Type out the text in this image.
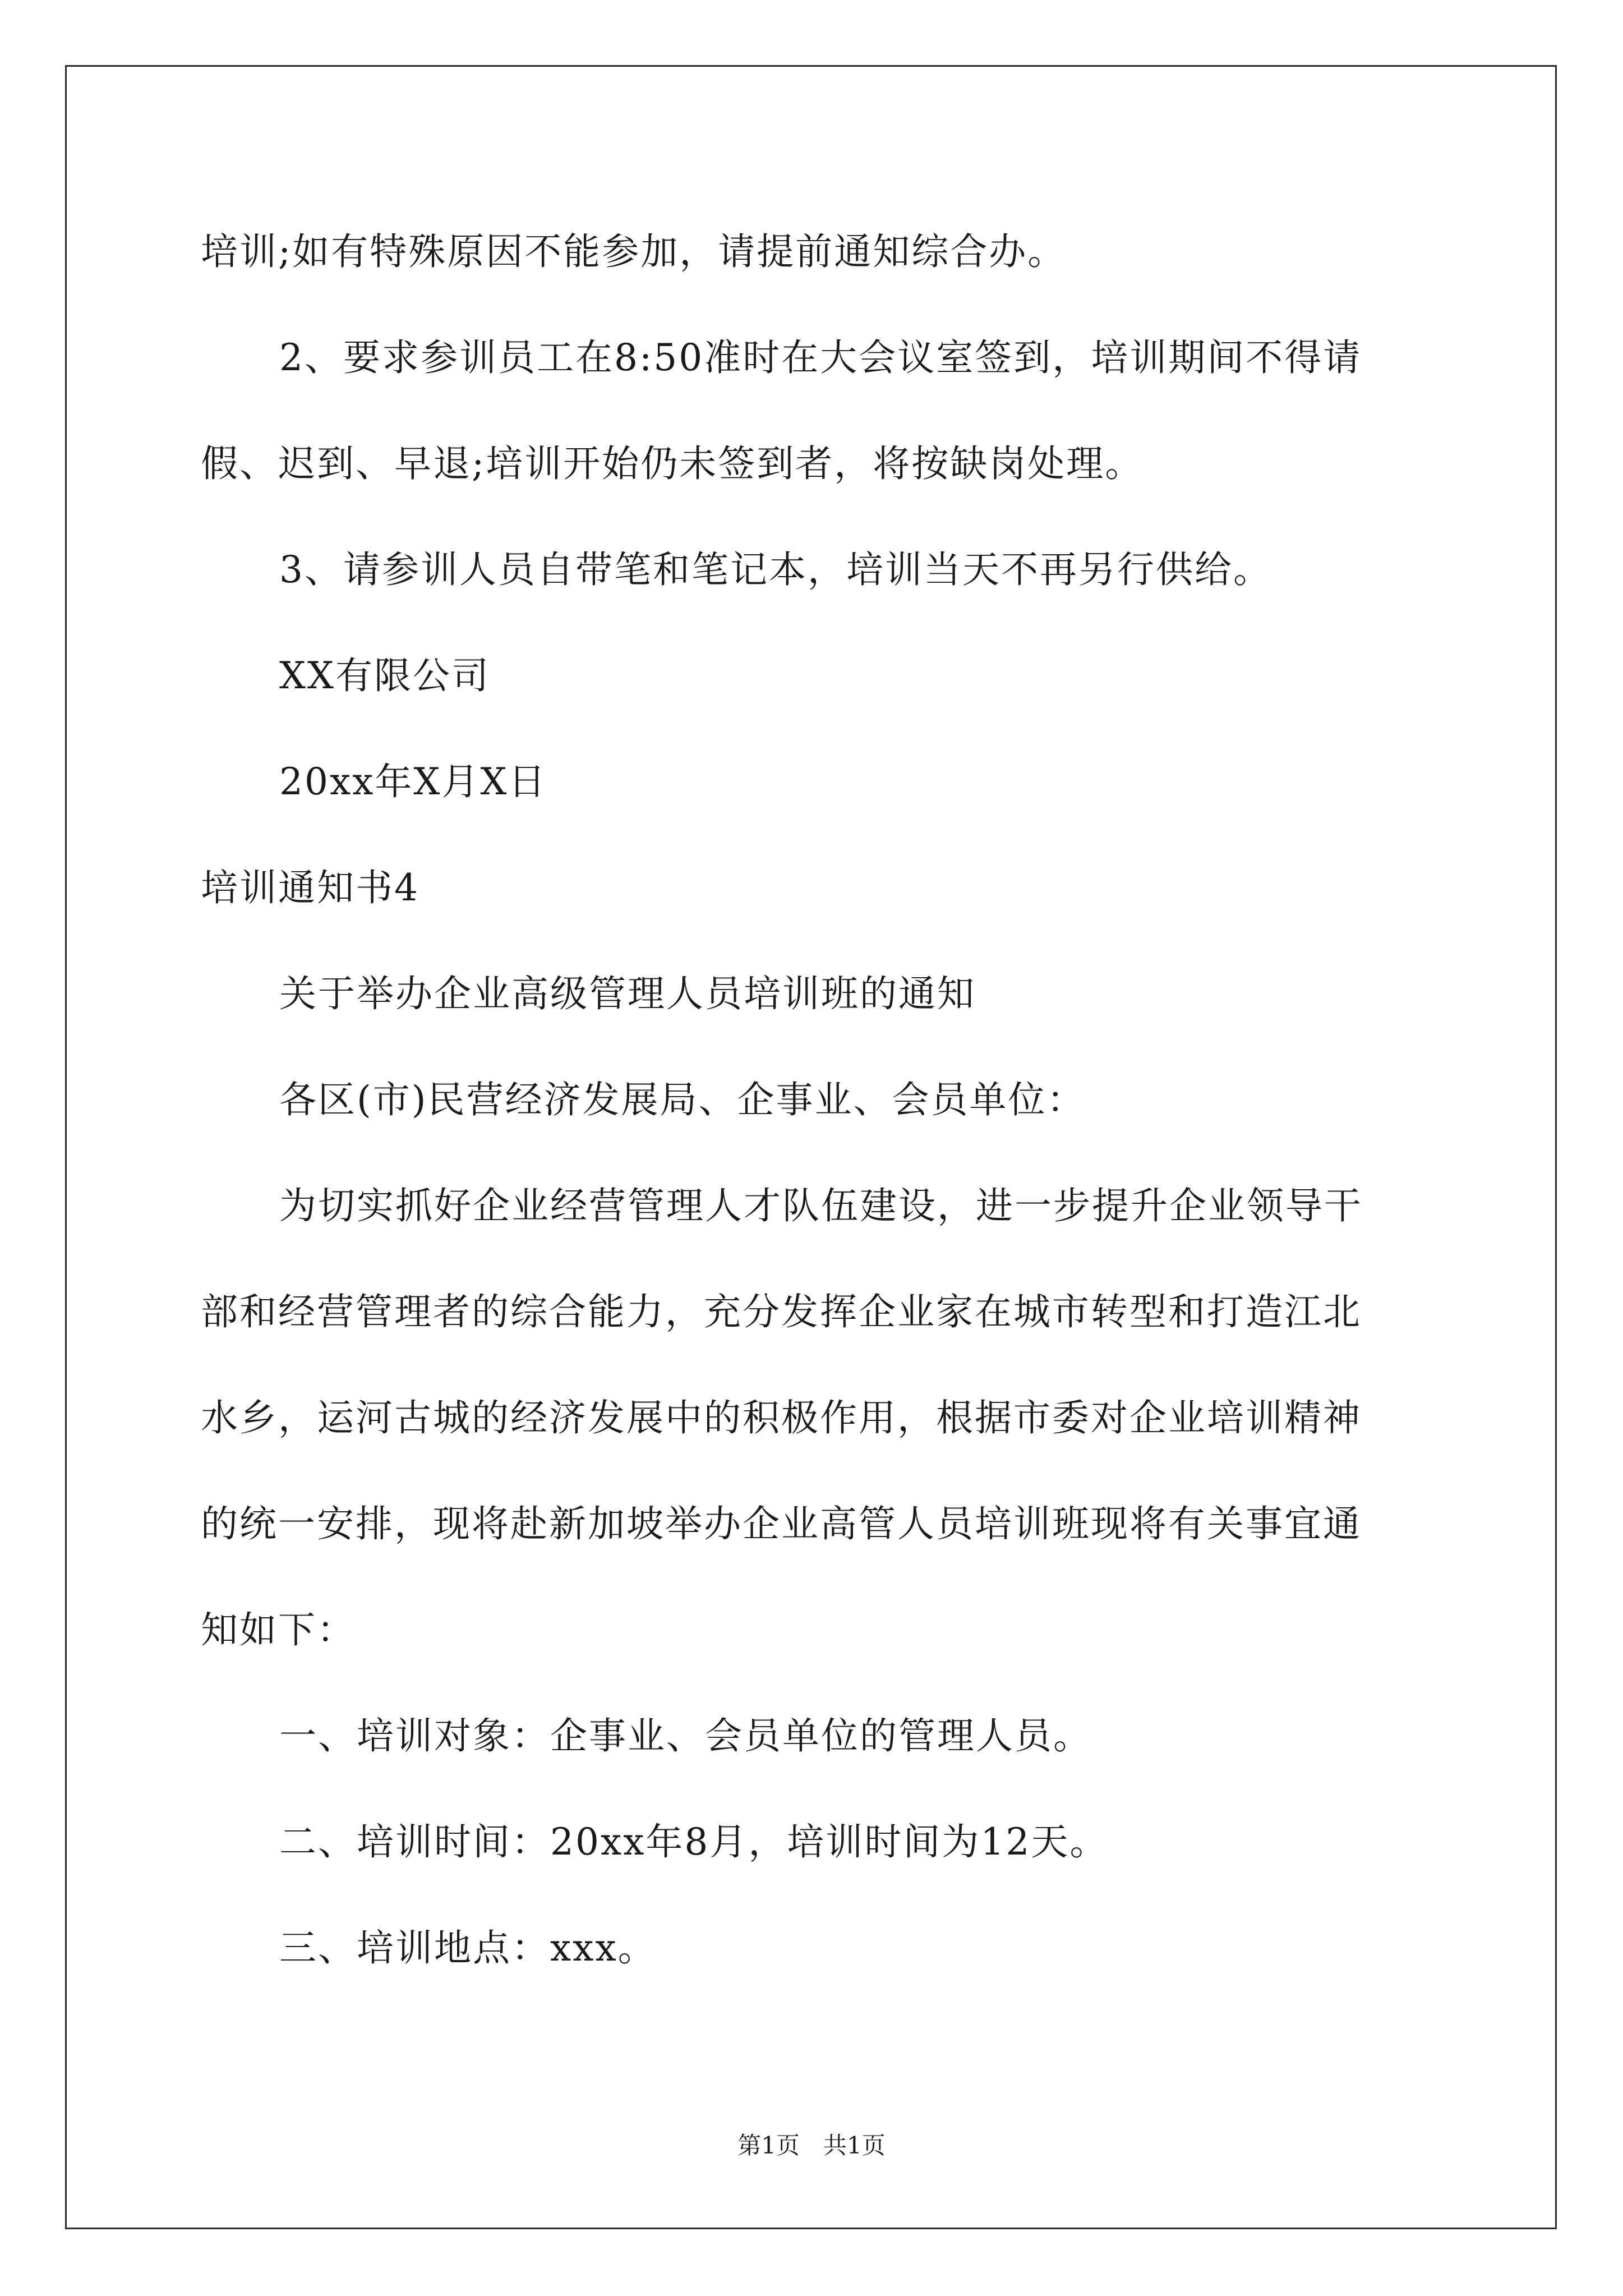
培训;如有特殊原因不能参加，请提前通知综合办。
2、要求参训员工在8:50准时在大会议室签到，培训期间不得请
假、迟到、早退;培训开始仍未签到者，将按缺岗处理。
3、请参训人员自带笔和笔记本，培训当天不再另行供给。
XX有限公司
20xx年X月X日
培训通知书4
关于举办企业高级管理人员培训班的通知
各区(市)民营经济发展局、企事业、会员单位：
为切实抓好企业经营管理人才队伍建设，进一步提升企业领导干
部和经营管理者的综合能力，充分发挥企业家在城市转型和打造江北
水乡，运河古城的经济发展中的积极作用，根据市委对企业培训精神
的统一安排，现将赴新加坡举办企业高管人员培训班现将有关事宜通
知如下：
一、培训对象：企事业、会员单位的管理人员。
二、培训时间：20xx年8月，培训时间为12天。
三、培训地点：xxx。
第1页　共1页
